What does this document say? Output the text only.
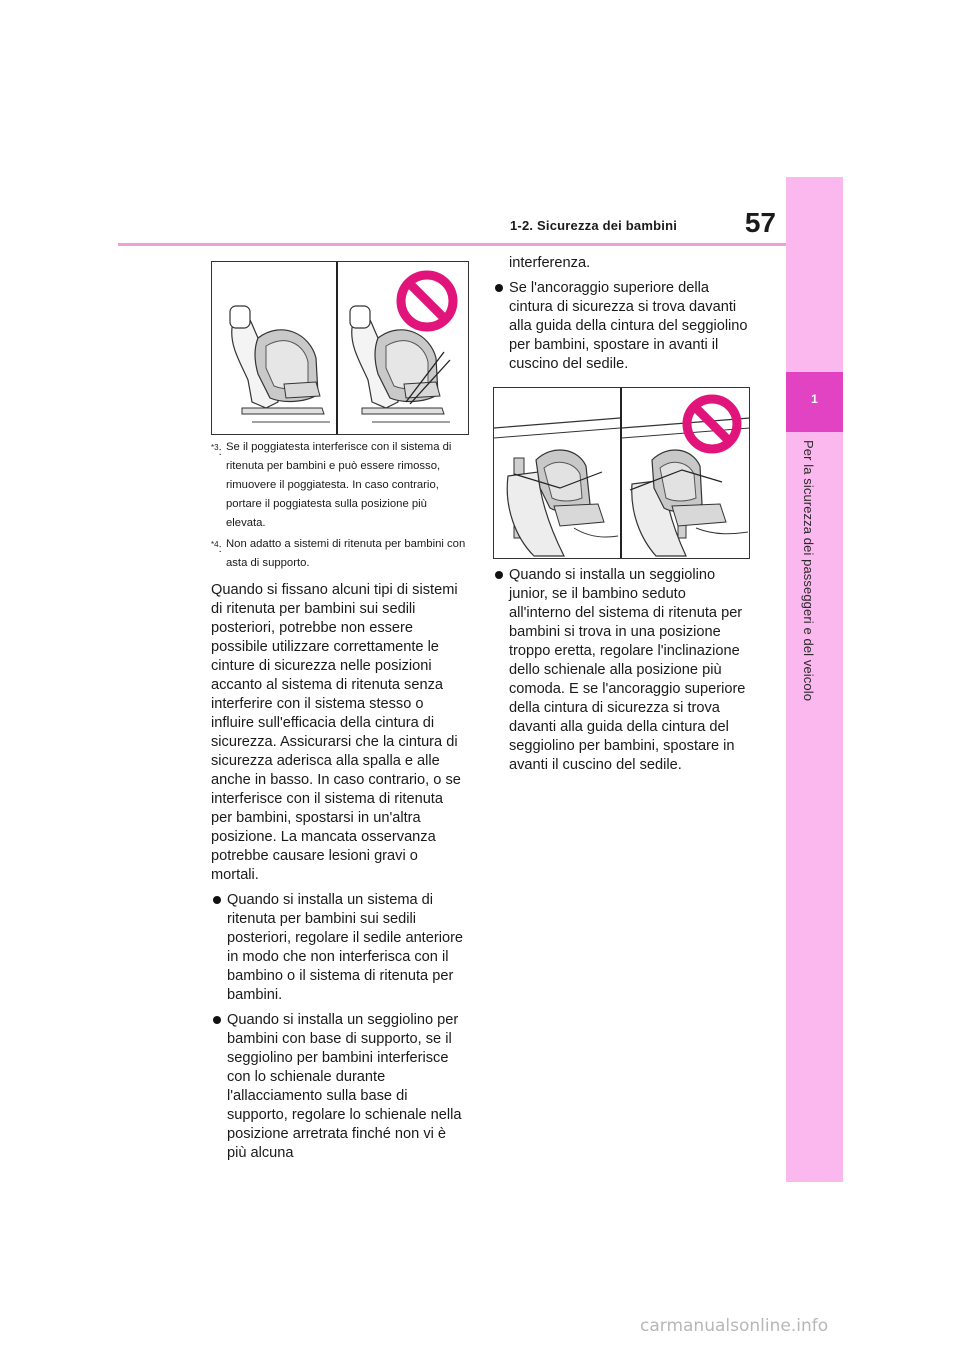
1-2. Sicurezza dei bambini	57
1
Per la sicurezza dei passeggeri e del veicolo
$^{*3}$: Se il poggiatesta interferisce con il sistema di ritenuta per bambini e può essere rimosso, rimuovere il poggiatesta. In caso contrario, portare il poggiatesta sulla posizione più elevata.
$^{*4}$: Non adatto a sistemi di ritenuta per bambini con asta di supporto.

Quando si fissano alcuni tipi di sistemi di ritenuta per bambini sui sedili posteriori, potrebbe non essere possibile utilizzare correttamente le cinture di sicurezza nelle posizioni accanto al sistema di ritenuta senza interferire con il sistema stesso o influire sull'efficacia della cintura di sicurezza. Assicurarsi che la cintura di sicurezza aderisca alla spalla e alle anche in basso. In caso contrario, o se interferisce con il sistema di ritenuta per bambini, spostarsi in un'altra posizione. La mancata osservanza potrebbe causare lesioni gravi o mortali.

Quando si installa un sistema di ritenuta per bambini sui sedili posteriori, regolare il sedile anteriore in modo che non interferisca con il bambino o il sistema di ritenuta per bambini.
Quando si installa un seggiolino per bambini con base di supporto, se il seggiolino per bambini interferisce con lo schienale durante l'allacciamento sulla base di supporto, regolare lo schienale nella posizione arretrata finché non vi è più alcuna

interferenza.

Se l'ancoraggio superiore della cintura di sicurezza si trova davanti alla guida della cintura del seggiolino per bambini, spostare in avanti il cuscino del sedile.
Quando si installa un seggiolino junior, se il bambino seduto all'interno del sistema di ritenuta per bambini si trova in una posizione troppo eretta, regolare l'inclinazione dello schienale alla posizione più comoda. E se l'ancoraggio superiore della cintura di sicurezza si trova davanti alla guida della cintura del seggiolino per bambini, spostare in avanti il cuscino del sedile.
carmanualsonline.info
